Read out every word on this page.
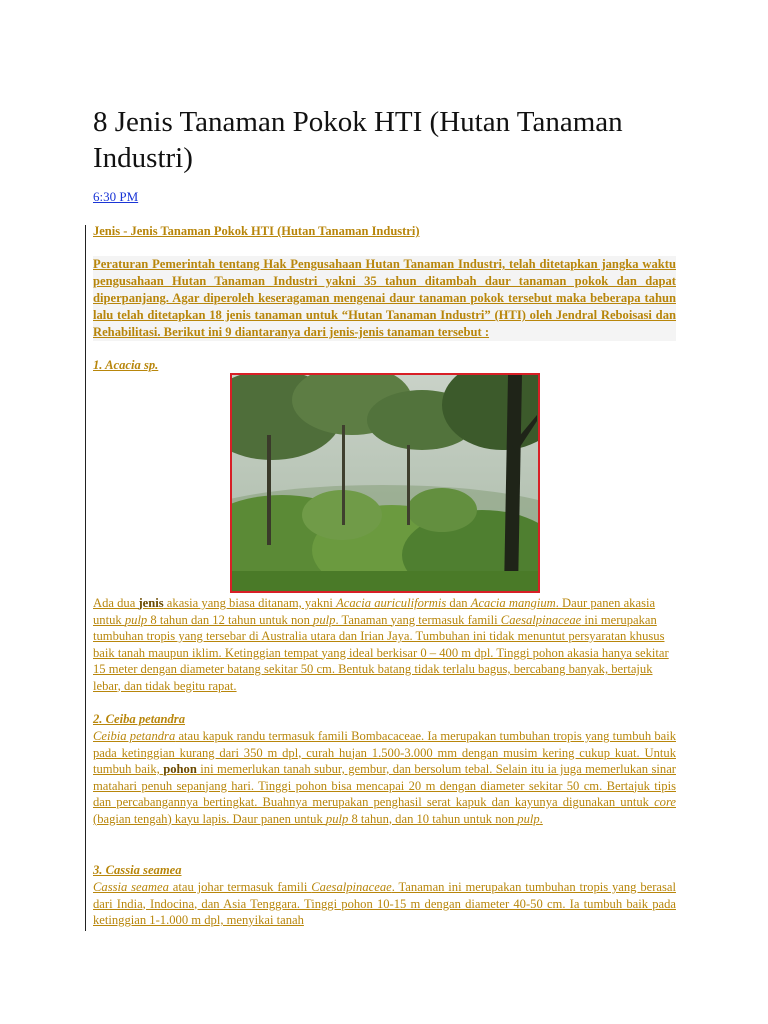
8 Jenis Tanaman Pokok HTI (Hutan Tanaman Industri)
6:30 PM
Jenis - Jenis Tanaman Pokok HTI (Hutan Tanaman Industri)

Peraturan Pemerintah tentang Hak Pengusahaan Hutan Tanaman Industri, telah ditetapkan jangka waktu pengusahaan Hutan Tanaman Industri yakni 35 tahun ditambah daur tanaman pokok dan dapat diperpanjang. Agar diperoleh keseragaman mengenai daur tanaman pokok tersebut maka beberapa tahun lalu telah ditetapkan 18 jenis tanaman untuk “Hutan Tanaman Industri” (HTI) oleh Jendral Reboisasi dan Rehabilitasi. Berikut ini 9 diantaranya dari jenis-jenis tanaman tersebut :

1. Acacia sp.

Ada dua jenis akasia yang biasa ditanam, yakni Acacia auriculiformis dan Acacia mangium. Daur panen akasia untuk pulp 8 tahun dan 12 tahun untuk non pulp. Tanaman yang termasuk famili Caesalpinaceae ini merupakan tumbuhan tropis yang tersebar di Australia utara dan Irian Jaya. Tumbuhan ini tidak menuntut persyaratan khusus baik tanah maupun iklim. Ketinggian tempat yang ideal berkisar 0 – 400 m dpl. Tinggi pohon akasia hanya sekitar 15 meter dengan diameter batang sekitar 50 cm. Bentuk batang tidak terlalu bagus, bercabang banyak, bertajuk lebar, dan tidak begitu rapat.

2. Ceiba petandra

Ceibia petandra atau kapuk randu termasuk famili Bombacaceae. Ia merupakan tumbuhan tropis yang tumbuh baik pada ketinggian kurang dari 350 m dpl, curah hujan 1.500-3.000 mm dengan musim kering cukup kuat. Untuk tumbuh baik, pohon ini memerlukan tanah subur, gembur, dan bersolum tebal. Selain itu ia juga memerlukan sinar matahari penuh sepanjang hari. Tinggi pohon bisa mencapai 20 m dengan diameter sekitar 50 cm. Bertajuk tipis dan percabangannya bertingkat. Buahnya merupakan penghasil serat kapuk dan kayunya digunakan untuk core (bagian tengah) kayu lapis. Daur panen untuk pulp 8 tahun, dan 10 tahun untuk non pulp.

3. Cassia seamea

Cassia seamea atau johar termasuk famili Caesalpinaceae. Tanaman ini merupakan tumbuhan tropis yang berasal dari India, Indocina, dan Asia Tenggara. Tinggi pohon 10-15 m dengan diameter 40-50 cm. Ia tumbuh baik pada ketinggian 1-1.000 m dpl, menyikai tanah
